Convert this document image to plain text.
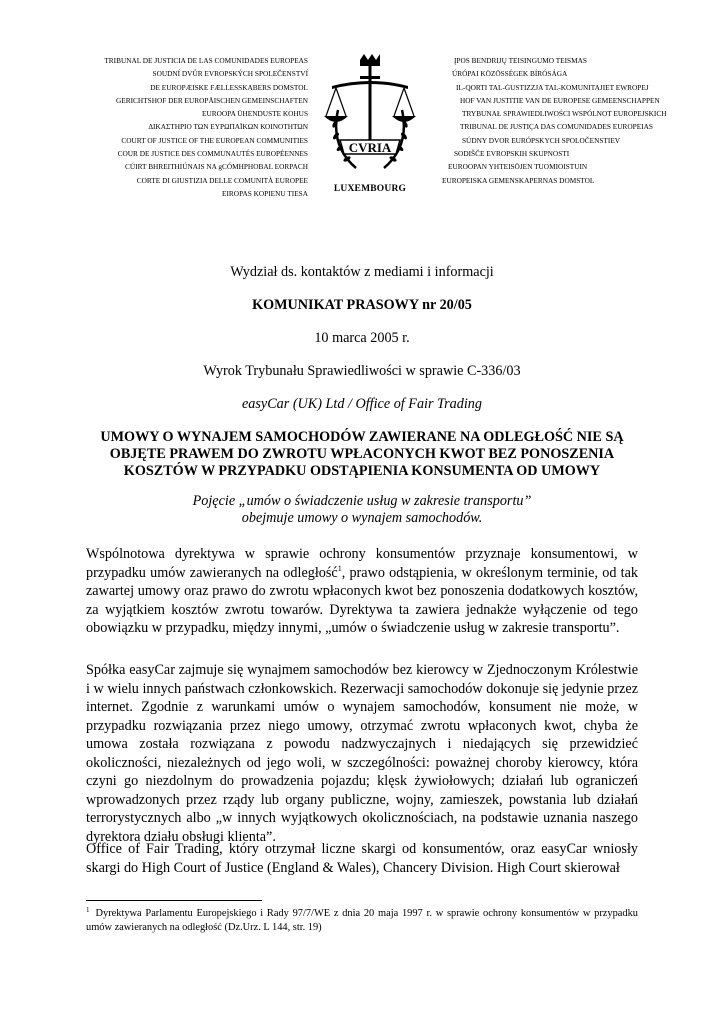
TRIBUNAL DE JUSTICIA DE LAS COMUNIDADES EUROPEAS
SOUDNÍ DVŮR EVROPSKÝCH SPOLEČENSTVÍ
DE EUROPÆISKE FÆLLESSKABERS DOMSTOL
GERICHTSHOF DER EUROPÄISCHEN GEMEINSCHAFTEN
EUROOPA ÜHENDUSTE KOHUS
ΔΙΚΑΣΤΗΡΙΟ ΤΩΝ ΕΥΡΩΠΑΪΚΩΝ ΚΟΙΝΟΤΗΤΩΝ
COURT OF JUSTICE OF THE EUROPEAN COMMUNITIES
COUR DE JUSTICE DES COMMUNAUTÉS EUROPÉENNES
CÚIRT BHREITHIÚNAIS NA gCÓMHPHOBAL EORPACH
CORTE DI GIUSTIZIA DELLE COMUNITÀ EUROPEE
EIROPAS KOPIENU TIESA
CVRIA
LUXEMBOURG
ĮPOS BENDRIJŲ TEISINGUMO TEISMAS
ÚRÓPAI KÖZÖSSÉGEK BÍRÓSÁGA
IL-QORTI TAL-ĠUSTIZZJA TAL-KOMUNITAJIET EWROPEJ
HOF VAN JUSTITIE VAN DE EUROPESE GEMEENSCHAPPEN
TRYBUNAŁ SPRAWIEDLIWOŚCI WSPÓLNOT EUROPEJSKICH
TRIBUNAL DE JUSTIÇA DAS COMUNIDADES EUROPEIAS
SÚDNY DVOR EURÓPSKYCH SPOLOČENSTIEV
SODIŠČE EVROPSKIH SKUPNOSTI
EUROOPAN YHTEISÖJEN TUOMIOISTUIN
EUROPEISKA GEMENSKAPERNAS DOMSTOL
Wydział ds. kontaktów z mediami i informacji
KOMUNIKAT PRASOWY nr 20/05
10 marca 2005 r.
Wyrok Trybunału Sprawiedliwości w sprawie C-336/03
easyCar (UK) Ltd / Office of Fair Trading
UMOWY O WYNAJEM SAMOCHODÓW ZAWIERANE NA ODLEGŁOŚĆ NIE SĄ
OBJĘTE PRAWEM DO ZWROTU WPŁACONYCH KWOT BEZ PONOSZENIA
KOSZTÓW W PRZYPADKU ODSTĄPIENIA KONSUMENTA OD UMOWY
Pojęcie „umów o świadczenie usług w zakresie transportu”
obejmuje umowy o wynajem samochodów.
Wspólnotowa dyrektywa w sprawie ochrony konsumentów przyznaje konsumentowi, w przypadku umów zawieranych na odległość$^1$, prawo odstąpienia, w określonym terminie, od tak zawartej umowy oraz prawo do zwrotu wpłaconych kwot bez ponoszenia dodatkowych kosztów, za wyjątkiem kosztów zwrotu towarów. Dyrektywa ta zawiera jednakże wyłączenie od tego obowiązku w przypadku, między innymi, „umów o świadczenie usług w zakresie transportu”.
Spółka easyCar zajmuje się wynajmem samochodów bez kierowcy w Zjednoczonym Królestwie i w wielu innych państwach członkowskich. Rezerwacji samochodów dokonuje się jedynie przez internet. Zgodnie z warunkami umów o wynajem samochodów, konsument nie może, w przypadku rozwiązania przez niego umowy, otrzymać zwrotu wpłaconych kwot, chyba że umowa została rozwiązana z powodu nadzwyczajnych i niedających się przewidzieć okoliczności, niezależnych od jego woli, w szczególności: poważnej choroby kierowcy, która czyni go niezdolnym do prowadzenia pojazdu; klęsk żywiołowych; działań lub ograniczeń wprowadzonych przez rządy lub organy publiczne, wojny, zamieszek, powstania lub działań terrorystycznych albo „w innych wyjątkowych okolicznościach, na podstawie uznania naszego dyrektora działu obsługi klienta”.
Office of Fair Trading, który otrzymał liczne skargi od konsumentów, oraz easyCar wniosły skargi do High Court of Justice (England & Wales), Chancery Division. High Court skierował
$^1$ Dyrektywa Parlamentu Europejskiego i Rady 97/7/WE z dnia 20 maja 1997 r. w sprawie ochrony konsumentów w przypadku umów zawieranych na odległość (Dz.Urz. L 144, str. 19)
